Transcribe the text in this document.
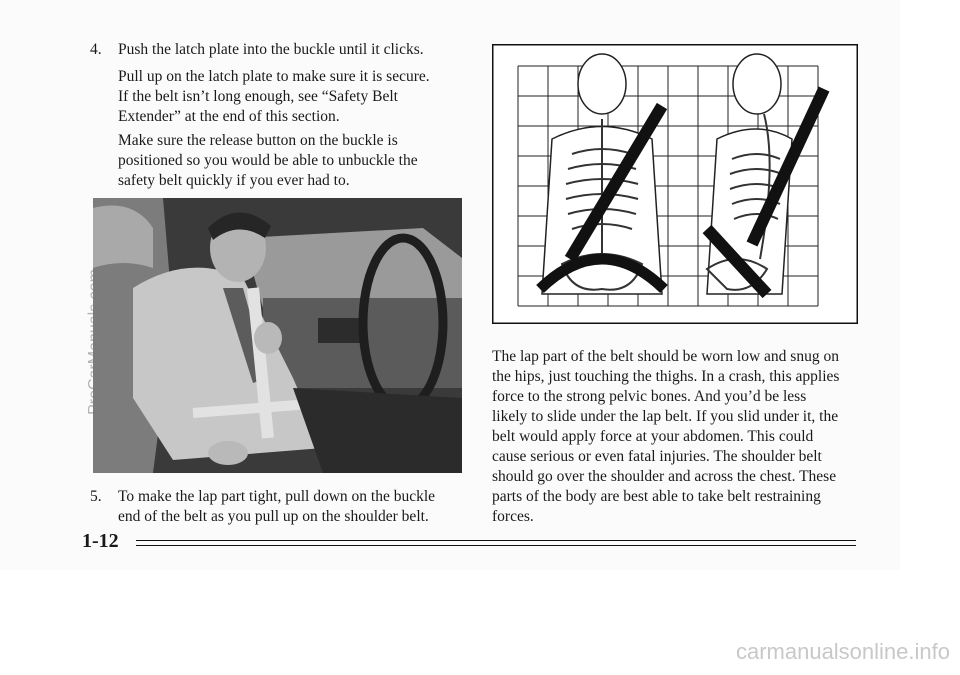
4. Push the latch plate into the buckle until it clicks.
Pull up on the latch plate to make sure it is secure.
If the belt isn’t long enough, see “Safety Belt
Extender” at the end of this section.
Make sure the release button on the buckle is
positioned so you would be able to unbuckle the
safety belt quickly if you ever had to.
5. To make the lap part tight, pull down on the buckle
end of the belt as you pull up on the shoulder belt.
The lap part of the belt should be worn low and snug on
the hips, just touching the thighs. In a crash, this applies
force to the strong pelvic bones. And you’d be less
likely to slide under the lap belt. If you slid under it, the
belt would apply force at your abdomen. This could
cause serious or even fatal injuries. The shoulder belt
should go over the shoulder and across the chest. These
parts of the body are best able to take belt restraining
forces.
ProCarManuals.com
1-12
carmanualsonline.info
